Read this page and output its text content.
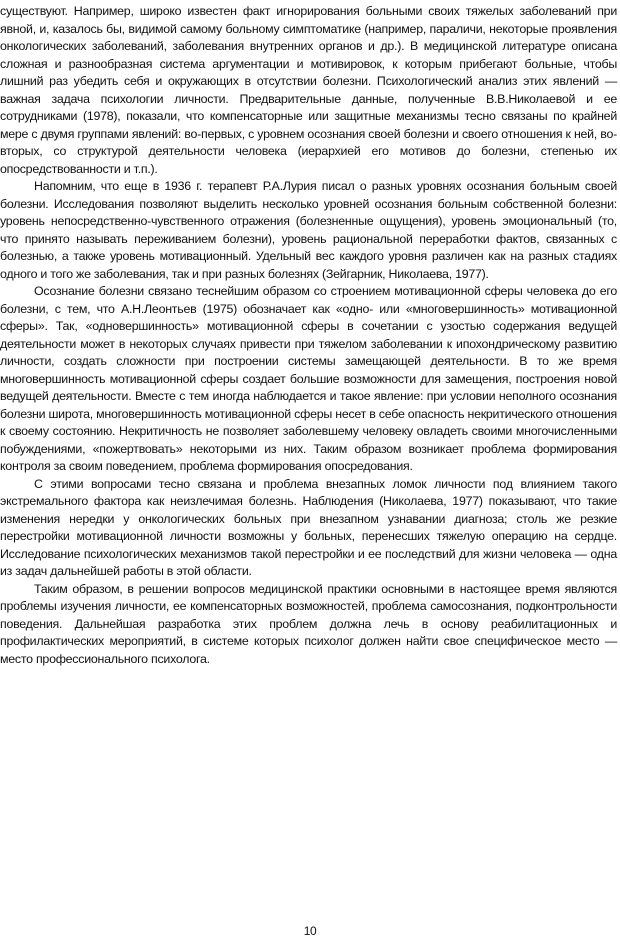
существуют. Например, широко известен факт игнорирования больными своих тяжелых заболеваний при явной, и, казалось бы, видимой самому больному симптоматике (например, параличи, некоторые проявления онкологических заболеваний, заболевания внутренних органов и др.). В медицинской литературе описана сложная и разнообразная система аргументации и мотивировок, к которым прибегают больные, чтобы лишний раз убедить себя и окружающих в отсутствии болезни. Психологический анализ этих явлений — важная задача психологии личности. Предварительные данные, полученные В.В.Николаевой и ее сотрудниками (1978), показали, что компенсаторные или защитные механизмы тесно связаны по крайней мере с двумя группами явлений: во-первых, с уровнем осознания своей болезни и своего отношения к ней, во-вторых, со структурой деятельности человека (иерархией его мотивов до болезни, степенью их опосредствованности и т.п.).

Напомним, что еще в 1936 г. терапевт Р.А.Лурия писал о разных уровнях осознания больным своей болезни. Исследования позволяют выделить несколько уровней осознания больным собственной болезни: уровень непосредственно-чувственного отражения (болезненные ощущения), уровень эмоциональный (то, что принято называть переживанием болезни), уровень рациональной переработки фактов, связанных с болезнью, а также уровень мотивационный. Удельный вес каждого уровня различен как на разных стадиях одного и того же заболевания, так и при разных болезнях (Зейгарник, Николаева, 1977).

Осознание болезни связано теснейшим образом со строением мотивационной сферы человека до его болезни, с тем, что А.Н.Леонтьев (1975) обозначает как «одно- или «многовершинность» мотивационной сферы». Так, «одновершинность» мотивационной сферы в сочетании с узостью содержания ведущей деятельности может в некоторых случаях привести при тяжелом заболевании к ипохондрическому развитию личности, создать сложности при построении системы замещающей деятельности. В то же время многовершинность мотивационной сферы создает большие возможности для замещения, построения новой ведущей деятельности. Вместе с тем иногда наблюдается и такое явление: при условии неполного осознания болезни широта, многовершинность мотивационной сферы несет в себе опасность некритического отношения к своему состоянию. Некритичность не позволяет заболевшему человеку овладеть своими многочисленными побуждениями, «пожертвовать» некоторыми из них. Таким образом возникает проблема формирования контроля за своим поведением, проблема формирования опосредования.

С этими вопросами тесно связана и проблема внезапных ломок личности под влиянием такого экстремального фактора как неизлечимая болезнь. Наблюдения (Николаева, 1977) показывают, что такие изменения нередки у онкологических больных при внезапном узнавании диагноза; столь же резкие перестройки мотивационной личности возможны у больных, перенесших тяжелую операцию на сердце. Исследование психологических механизмов такой перестройки и ее последствий для жизни человека — одна из задач дальнейшей работы в этой области.

Таким образом, в решении вопросов медицинской практики основными в настоящее время являются проблемы изучения личности, ее компенсаторных возможностей, проблема самосознания, подконтрольности поведения. Дальнейшая разработка этих проблем должна лечь в основу реабилитационных и профилактических мероприятий, в системе которых психолог должен найти свое специфическое место — место профессионального психолога.

10
